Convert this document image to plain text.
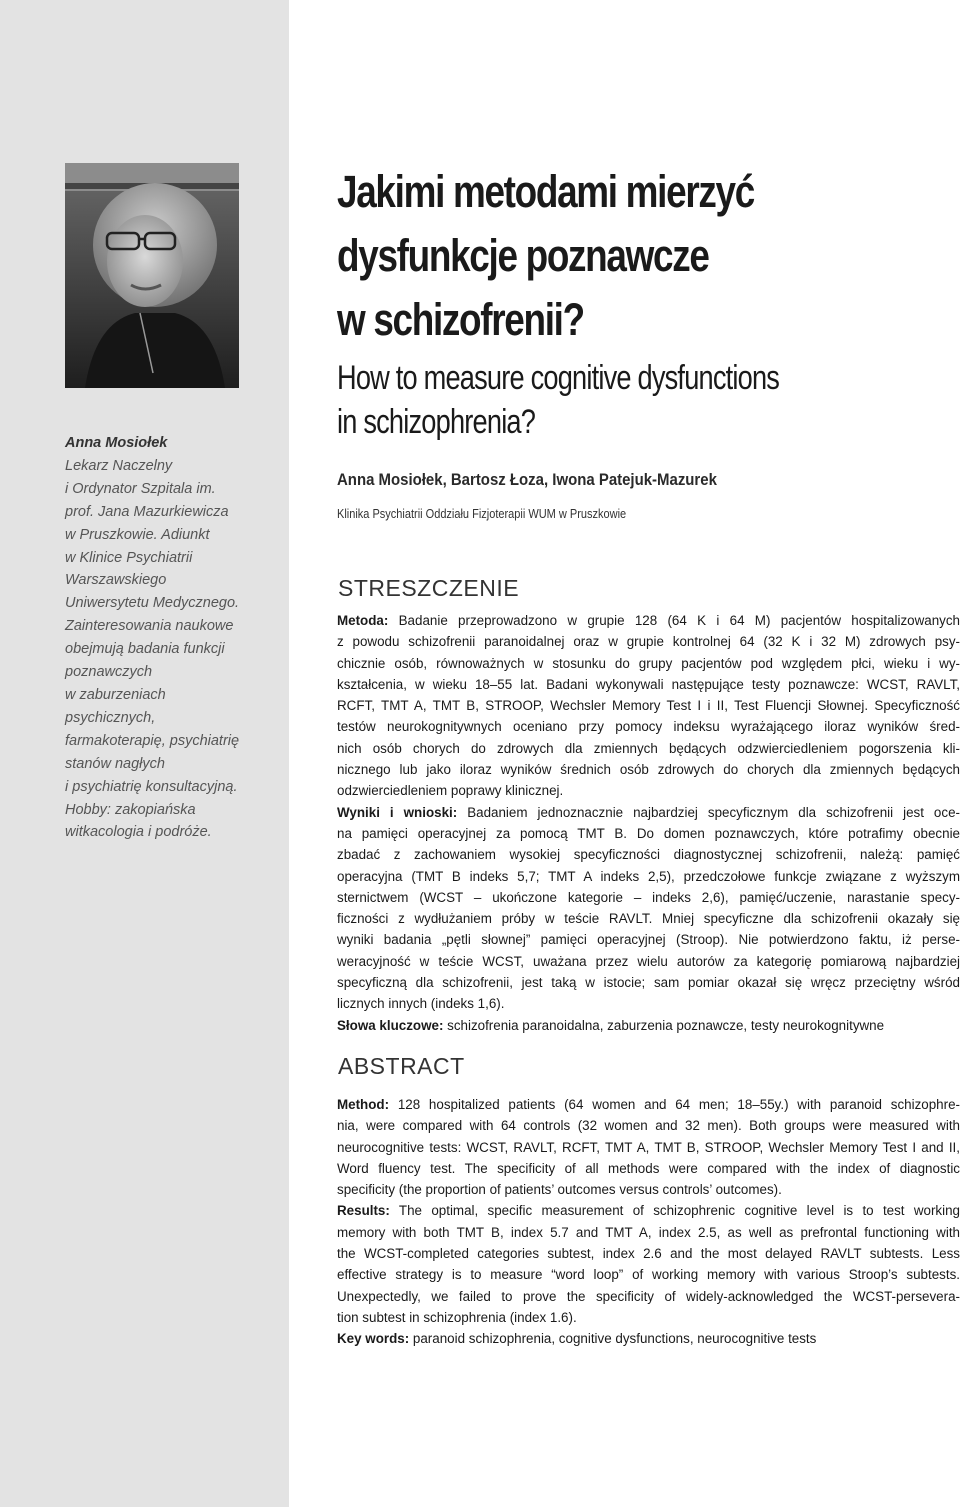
Anna Mosiołek
Lekarz Naczelny
i Ordynator Szpitala im.
prof. Jana Mazurkiewicza
w Pruszkowie. Adiunkt
w Klinice Psychiatrii
Warszawskiego
Uniwersytetu Medycznego.
Zainteresowania naukowe
obejmują badania funkcji
poznawczych
w zaburzeniach
psychicznych,
farmakoterapię, psychiatrię
stanów nagłych
i psychiatrię konsultacyjną.
Hobby: zakopiańska
witkacologia i podróże.
Jakimi metodami mierzyć
dysfunkcje poznawcze
w schizofrenii?
How to measure cognitive dysfunctions
in schizophrenia?
Anna Mosiołek, Bartosz Łoza, Iwona Patejuk-Mazurek
Klinika Psychiatrii Oddziału Fizjoterapii WUM w Pruszkowie
STRESZCZENIE
Metoda: Badanie przeprowadzono w grupie 128 (64 K i 64 M) pacjentów hospitalizowanych
z powodu schizofrenii paranoidalnej oraz w grupie kontrolnej 64 (32 K i 32 M) zdrowych psy-
chicznie osób, równoważnych w stosunku do grupy pacjentów pod względem płci, wieku i wy-
kształcenia, w wieku 18–55 lat. Badani wykonywali następujące testy poznawcze: WCST, RAVLT,
RCFT, TMT A, TMT B, STROOP, Wechsler Memory Test I i II, Test Fluencji Słownej. Specyficzność
testów neurokognitywnych oceniano przy pomocy indeksu wyrażającego iloraz wyników śred-
nich osób chorych do zdrowych dla zmiennych będących odzwierciedleniem pogorszenia kli-
nicznego lub jako iloraz wyników średnich osób zdrowych do chorych dla zmiennych będących
odzwierciedleniem poprawy klinicznej.
Wyniki i wnioski: Badaniem jednoznacznie najbardziej specyficznym dla schizofrenii jest oce-
na pamięci operacyjnej za pomocą TMT B. Do domen poznawczych, które potrafimy obecnie
zbadać z zachowaniem wysokiej specyficzności diagnostycznej schizofrenii, należą: pamięć
operacyjna (TMT B indeks 5,7; TMT A indeks 2,5), przedczołowe funkcje związane z wyższym
sternictwem (WCST – ukończone kategorie – indeks 2,6), pamięć/uczenie, narastanie specy-
ficzności z wydłużaniem próby w teście RAVLT. Mniej specyficzne dla schizofrenii okazały się
wyniki badania „pętli słownej” pamięci operacyjnej (Stroop). Nie potwierdzono faktu, iż perse-
weracyjność w teście WCST, uważana przez wielu autorów za kategorię pomiarową najbardziej
specyficzną dla schizofrenii, jest taką w istocie; sam pomiar okazał się wręcz przeciętny wśród
licznych innych (indeks 1,6).
Słowa kluczowe: schizofrenia paranoidalna, zaburzenia poznawcze, testy neurokognitywne
ABSTRACT
Method: 128 hospitalized patients (64 women and 64 men; 18–55y.) with paranoid schizophre-
nia, were compared with 64 controls (32 women and 32 men). Both groups were measured with
neurocognitive tests: WCST, RAVLT, RCFT, TMT A, TMT B, STROOP, Wechsler Memory Test I and II,
Word fluency test. The specificity of all methods were compared with the index of diagnostic
specificity (the proportion of patients’ outcomes versus controls’ outcomes).
Results: The optimal, specific measurement of schizophrenic cognitive level is to test working
memory with both TMT B, index 5.7 and TMT A, index 2.5, as well as prefrontal functioning with
the WCST-completed categories subtest, index 2.6 and the most delayed RAVLT subtests. Less
effective strategy is to measure “word loop” of working memory with various Stroop’s subtests.
Unexpectedly, we failed to prove the specificity of widely-acknowledged the WCST-persevera-
tion subtest in schizophrenia (index 1.6).
Key words: paranoid schizophrenia, cognitive dysfunctions, neurocognitive tests
